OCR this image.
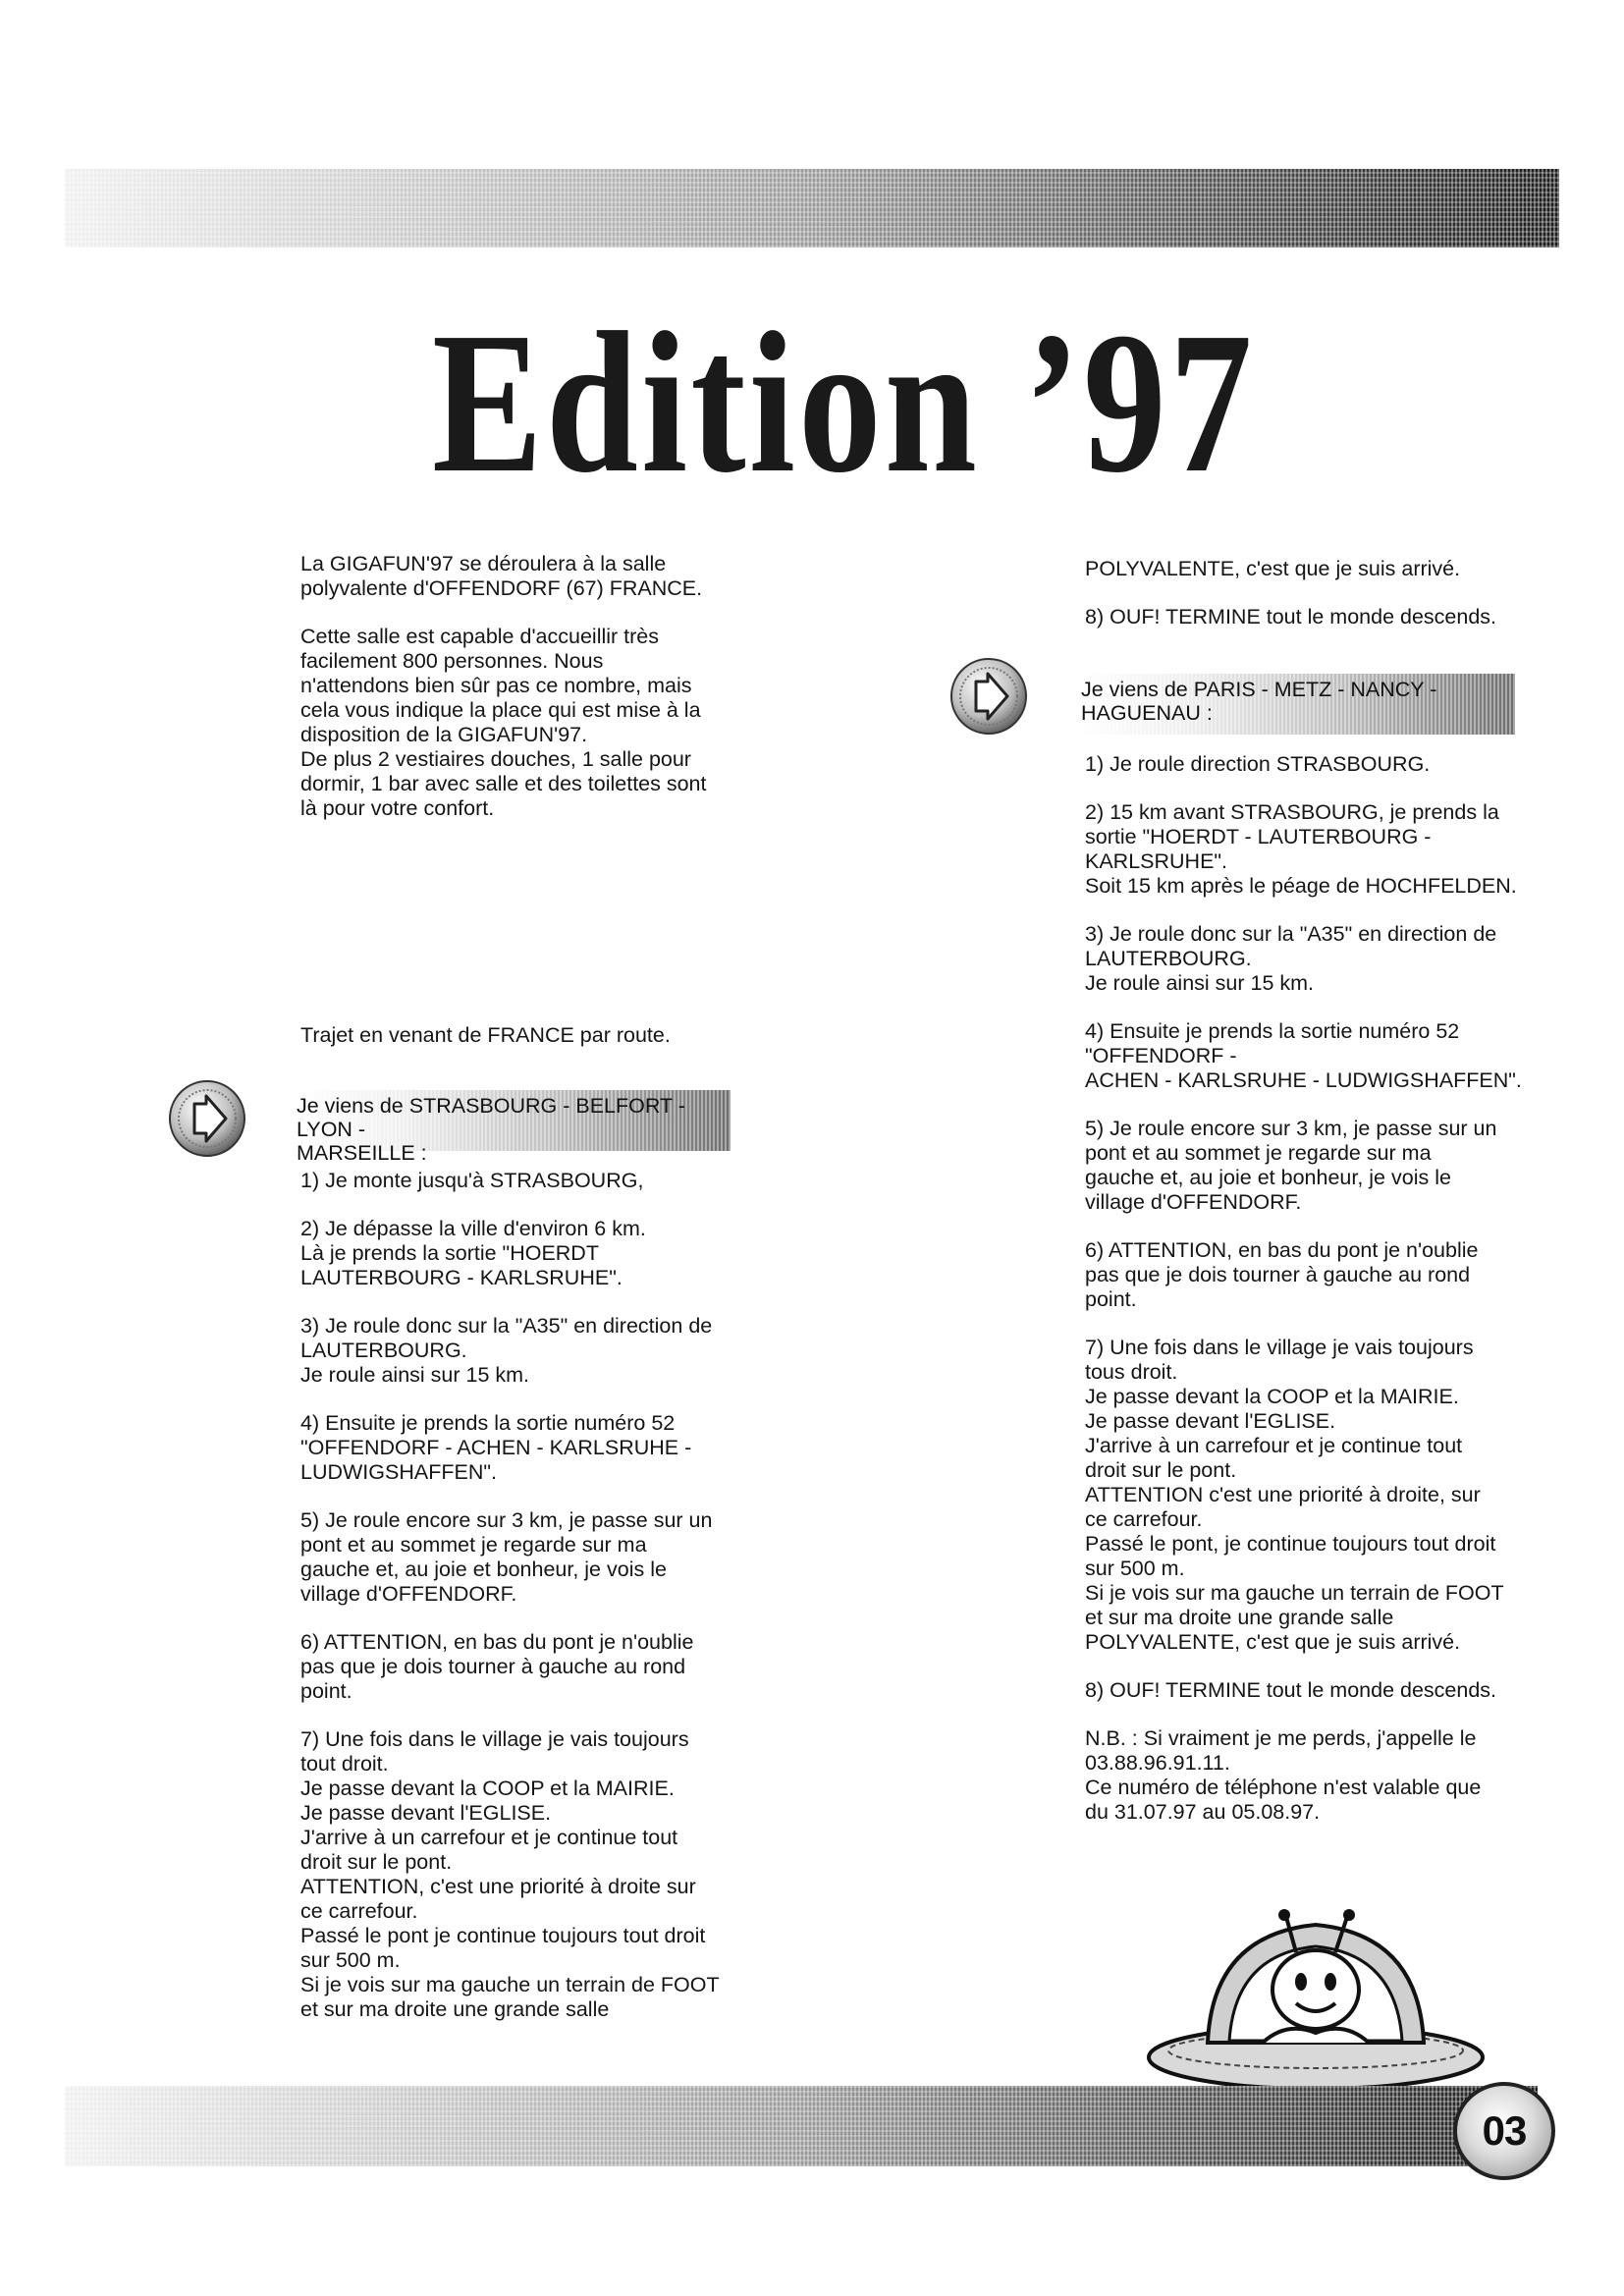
Edition ’97

La GIGAFUN'97 se déroulera à la salle
polyvalente d'OFFENDORF (67) FRANCE.

Cette salle est capable d'accueillir très
facilement 800 personnes. Nous
n'attendons bien sûr pas ce nombre, mais
cela vous indique la place qui est mise à la
disposition de la GIGAFUN'97.
De plus 2 vestiaires douches, 1 salle pour
dormir, 1 bar avec salle et des toilettes sont
là pour votre confort.

Trajet en venant de FRANCE par route.

Je viens de STRASBOURG - BELFORT - LYON -
MARSEILLE :

1) Je monte jusqu'à STRASBOURG,

2) Je dépasse la ville d'environ 6 km.
Là je prends la sortie "HOERDT
LAUTERBOURG - KARLSRUHE".

3) Je roule donc sur la "A35" en direction de
LAUTERBOURG.
Je roule ainsi sur 15 km.

4) Ensuite je prends la sortie numéro 52
"OFFENDORF - ACHEN - KARLSRUHE -
LUDWIGSHAFFEN".

5) Je roule encore sur 3 km, je passe sur un
pont et au sommet je regarde sur ma
gauche et, au joie et bonheur, je vois le
village d'OFFENDORF.

6) ATTENTION, en bas du pont je n'oublie
pas que je dois tourner à gauche au rond
point.

7) Une fois dans le village je vais toujours
tout droit.
Je passe devant la COOP et la MAIRIE.
Je passe devant l'EGLISE.
J'arrive à un carrefour et je continue tout
droit sur le pont.
ATTENTION, c'est une priorité à droite sur
ce carrefour.
Passé le pont je continue toujours tout droit
sur 500 m.
Si je vois sur ma gauche un terrain de FOOT
et sur ma droite une grande salle

POLYVALENTE, c'est que je suis arrivé.

8) OUF! TERMINE tout le monde descends.

Je viens de PARIS - METZ - NANCY -
HAGUENAU :

1) Je roule direction STRASBOURG.

2) 15 km avant STRASBOURG, je prends la
sortie "HOERDT - LAUTERBOURG -
KARLSRUHE".
Soit 15 km après le péage de HOCHFELDEN.

3) Je roule donc sur la "A35" en direction de
LAUTERBOURG.
Je roule ainsi sur 15 km.

4) Ensuite je prends la sortie numéro 52
"OFFENDORF -
ACHEN - KARLSRUHE - LUDWIGSHAFFEN".

5) Je roule encore sur 3 km, je passe sur un
pont et au sommet je regarde sur ma
gauche et, au joie et bonheur, je vois le
village d'OFFENDORF.

6) ATTENTION, en bas du pont je n'oublie
pas que je dois tourner à gauche au rond
point.

7) Une fois dans le village je vais toujours
tous droit.
Je passe devant la COOP et la MAIRIE.
Je passe devant l'EGLISE.
J'arrive à un carrefour et je continue tout
droit sur le pont.
ATTENTION c'est une priorité à droite, sur
ce carrefour.
Passé le pont, je continue toujours tout droit
sur 500 m.
Si je vois sur ma gauche un terrain de FOOT
et sur ma droite une grande salle
POLYVALENTE, c'est que je suis arrivé.

8) OUF! TERMINE tout le monde descends.

N.B. : Si vraiment je me perds, j'appelle le
03.88.96.91.11.
Ce numéro de téléphone n'est valable que
du 31.07.97 au 05.08.97.

03
